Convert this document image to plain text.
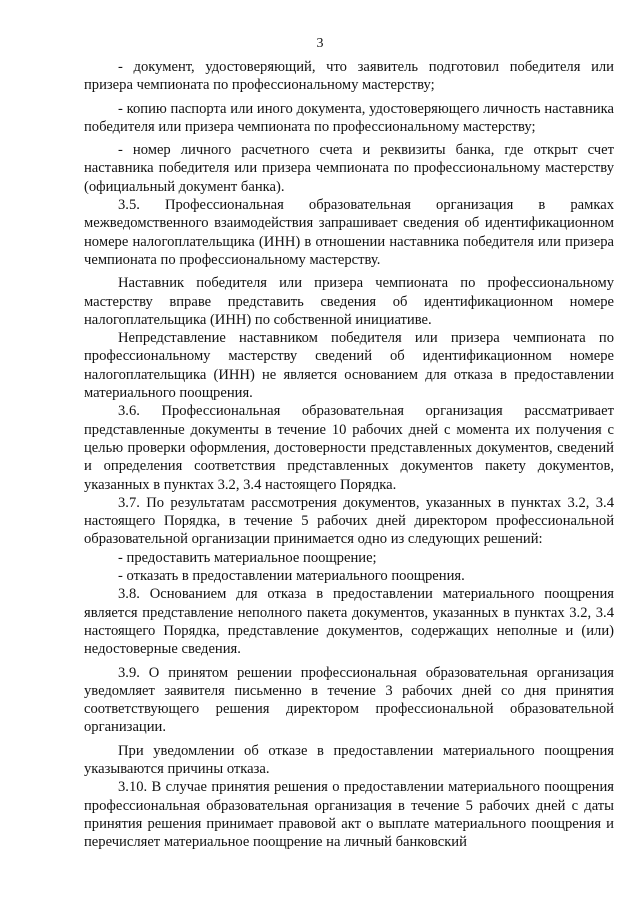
3

- документ, удостоверяющий, что заявитель подготовил победителя или призера чемпионата по профессиональному мастерству;

- копию паспорта или иного документа, удостоверяющего личность наставника победителя или призера чемпионата по профессиональному мастерству;

- номер личного расчетного счета и реквизиты банка, где открыт счет наставника победителя или призера чемпионата по профессиональному мастерству (официальный документ банка).

3.5. Профессиональная образовательная организация в рамках межведомственного взаимодействия запрашивает сведения об идентификационном номере налогоплательщика (ИНН) в отношении наставника победителя или призера чемпионата по профессиональному мастерству.

Наставник победителя или призера чемпионата по профессиональному мастерству вправе представить сведения об идентификационном номере налогоплательщика (ИНН) по собственной инициативе.

Непредставление наставником победителя или призера чемпионата по профессиональному мастерству сведений об идентификационном номере налогоплательщика (ИНН) не является основанием для отказа в предоставлении материального поощрения.

3.6. Профессиональная образовательная организация рассматривает представленные документы в течение 10 рабочих дней с момента их получения с целью проверки оформления, достоверности представленных документов, сведений и определения соответствия представленных документов пакету документов, указанных в пунктах 3.2, 3.4 настоящего Порядка.

3.7. По результатам рассмотрения документов, указанных в пунктах 3.2, 3.4 настоящего Порядка, в течение 5 рабочих дней директором профессиональной образовательной организации принимается одно из следующих решений:

- предоставить материальное поощрение;

- отказать в предоставлении материального поощрения.

3.8. Основанием для отказа в предоставлении материального поощрения является представление неполного пакета документов, указанных в пунктах 3.2, 3.4 настоящего Порядка, представление документов, содержащих неполные и (или) недостоверные сведения.

3.9. О принятом решении профессиональная образовательная организация уведомляет заявителя письменно в течение 3 рабочих дней со дня принятия соответствующего решения директором профессиональной образовательной организации.

При уведомлении об отказе в предоставлении материального поощрения указываются причины отказа.

3.10. В случае принятия решения о предоставлении материального поощрения профессиональная образовательная организация в течение 5 рабочих дней с даты принятия решения принимает правовой акт о выплате материального поощрения и перечисляет материальное поощрение на личный банковский
